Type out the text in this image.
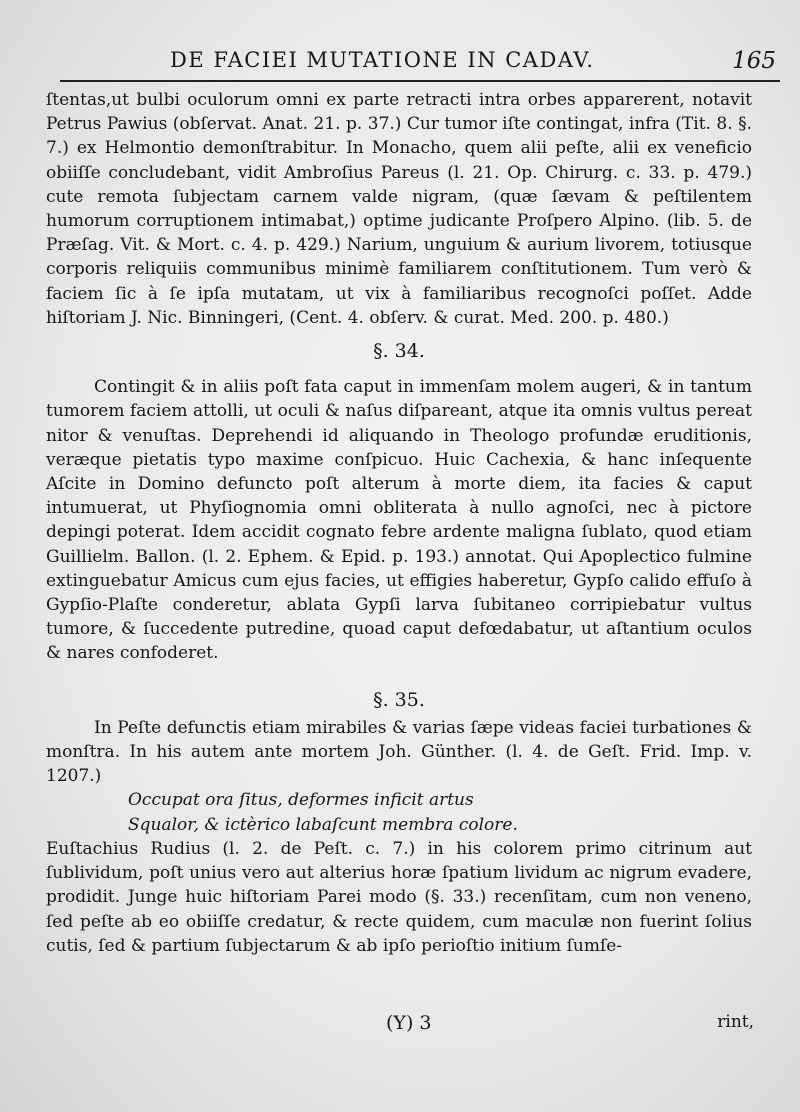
DE FACIEI MUTATIONE IN CADAV.	165

ſtentas,ut bulbi oculorum omni ex parte retracti intra orbes apparerent, notavit Petrus Pawius (obſervat. Anat. 21. p. 37.) Cur tumor iſte contingat, infra (Tit. 8. §. 7.) ex Helmontio demonſtrabitur. In Monacho, quem alii peſte, alii ex veneficio obiiſſe concludebant, vidit Ambroſius Pareus (l. 21. Op. Chirurg. c. 33. p. 479.) cute remota ſubjectam carnem valde nigram, (quæ ſævam & peſtilentem humorum corruptionem intimabat,) optime judicante Proſpero Alpino. (lib. 5. de Præſag. Vit. & Mort. c. 4. p. 429.) Narium, unguium & aurium livorem, totiusque corporis reliquiis communibus minimè familiarem conſtitutionem. Tum verò & faciem ſic à ſe ipſa mutatam, ut vix à familiaribus recognoſci poſſet. Adde hiſtoriam J. Nic. Binningeri, (Cent. 4. obſerv. & curat. Med. 200. p. 480.)

§. 34.

Contingit & in aliis poſt fata caput in immenſam molem augeri, & in tantum tumorem faciem attolli, ut oculi & naſus diſpareant, atque ita omnis vultus pereat nitor & venuſtas. Deprehendi id aliquando in Theologo profundæ eruditionis, veræque pietatis typo maxime conſpicuo. Huic Cachexia, & hanc inſequente Aſcite in Domino defuncto poſt alterum à morte diem, ita facies & caput intumuerat, ut Phyſiognomia omni obliterata à nullo agnoſci, nec à pictore depingi poterat. Idem accidit cognato febre ardente maligna ſublato, quod etiam Guillielm. Ballon. (l. 2. Ephem. & Epid. p. 193.) annotat. Qui Apoplectico fulmine extinguebatur Amicus cum ejus facies, ut effigies haberetur, Gypſo calido effuſo à Gypſio-Plaſte conderetur, ablata Gypſi larva ſubitaneo corripiebatur vultus tumore, & ſuccedente putredine, quoad caput defœdabatur, ut aſtantium oculos & nares confoderet.

§. 35.

In Peſte defunctis etiam mirabiles & varias ſæpe videas faciei turbationes & monſtra. In his autem ante mortem Joh. Günther. (l. 4. de Geſt. Frid. Imp. v. 1207.)

Occupat ora ſitus, deformes inficit artus
Squalor, & ictèrico labaſcunt membra colore.

Euſtachius Rudius (l. 2. de Peſt. c. 7.) in his colorem primo citrinum aut ſublividum, poſt unius vero aut alterius horæ ſpatium lividum ac nigrum evadere, prodidit. Junge huic hiſtoriam Parei modo (§. 33.) recenſitam, cum non veneno, ſed peſte ab eo obiiſſe credatur, & recte quidem, cum maculæ non fuerint ſolius cutis, ſed & partium ſubjectarum & ab ipſo perioſtio initium ſumſe-

(Y) 3	rint,
